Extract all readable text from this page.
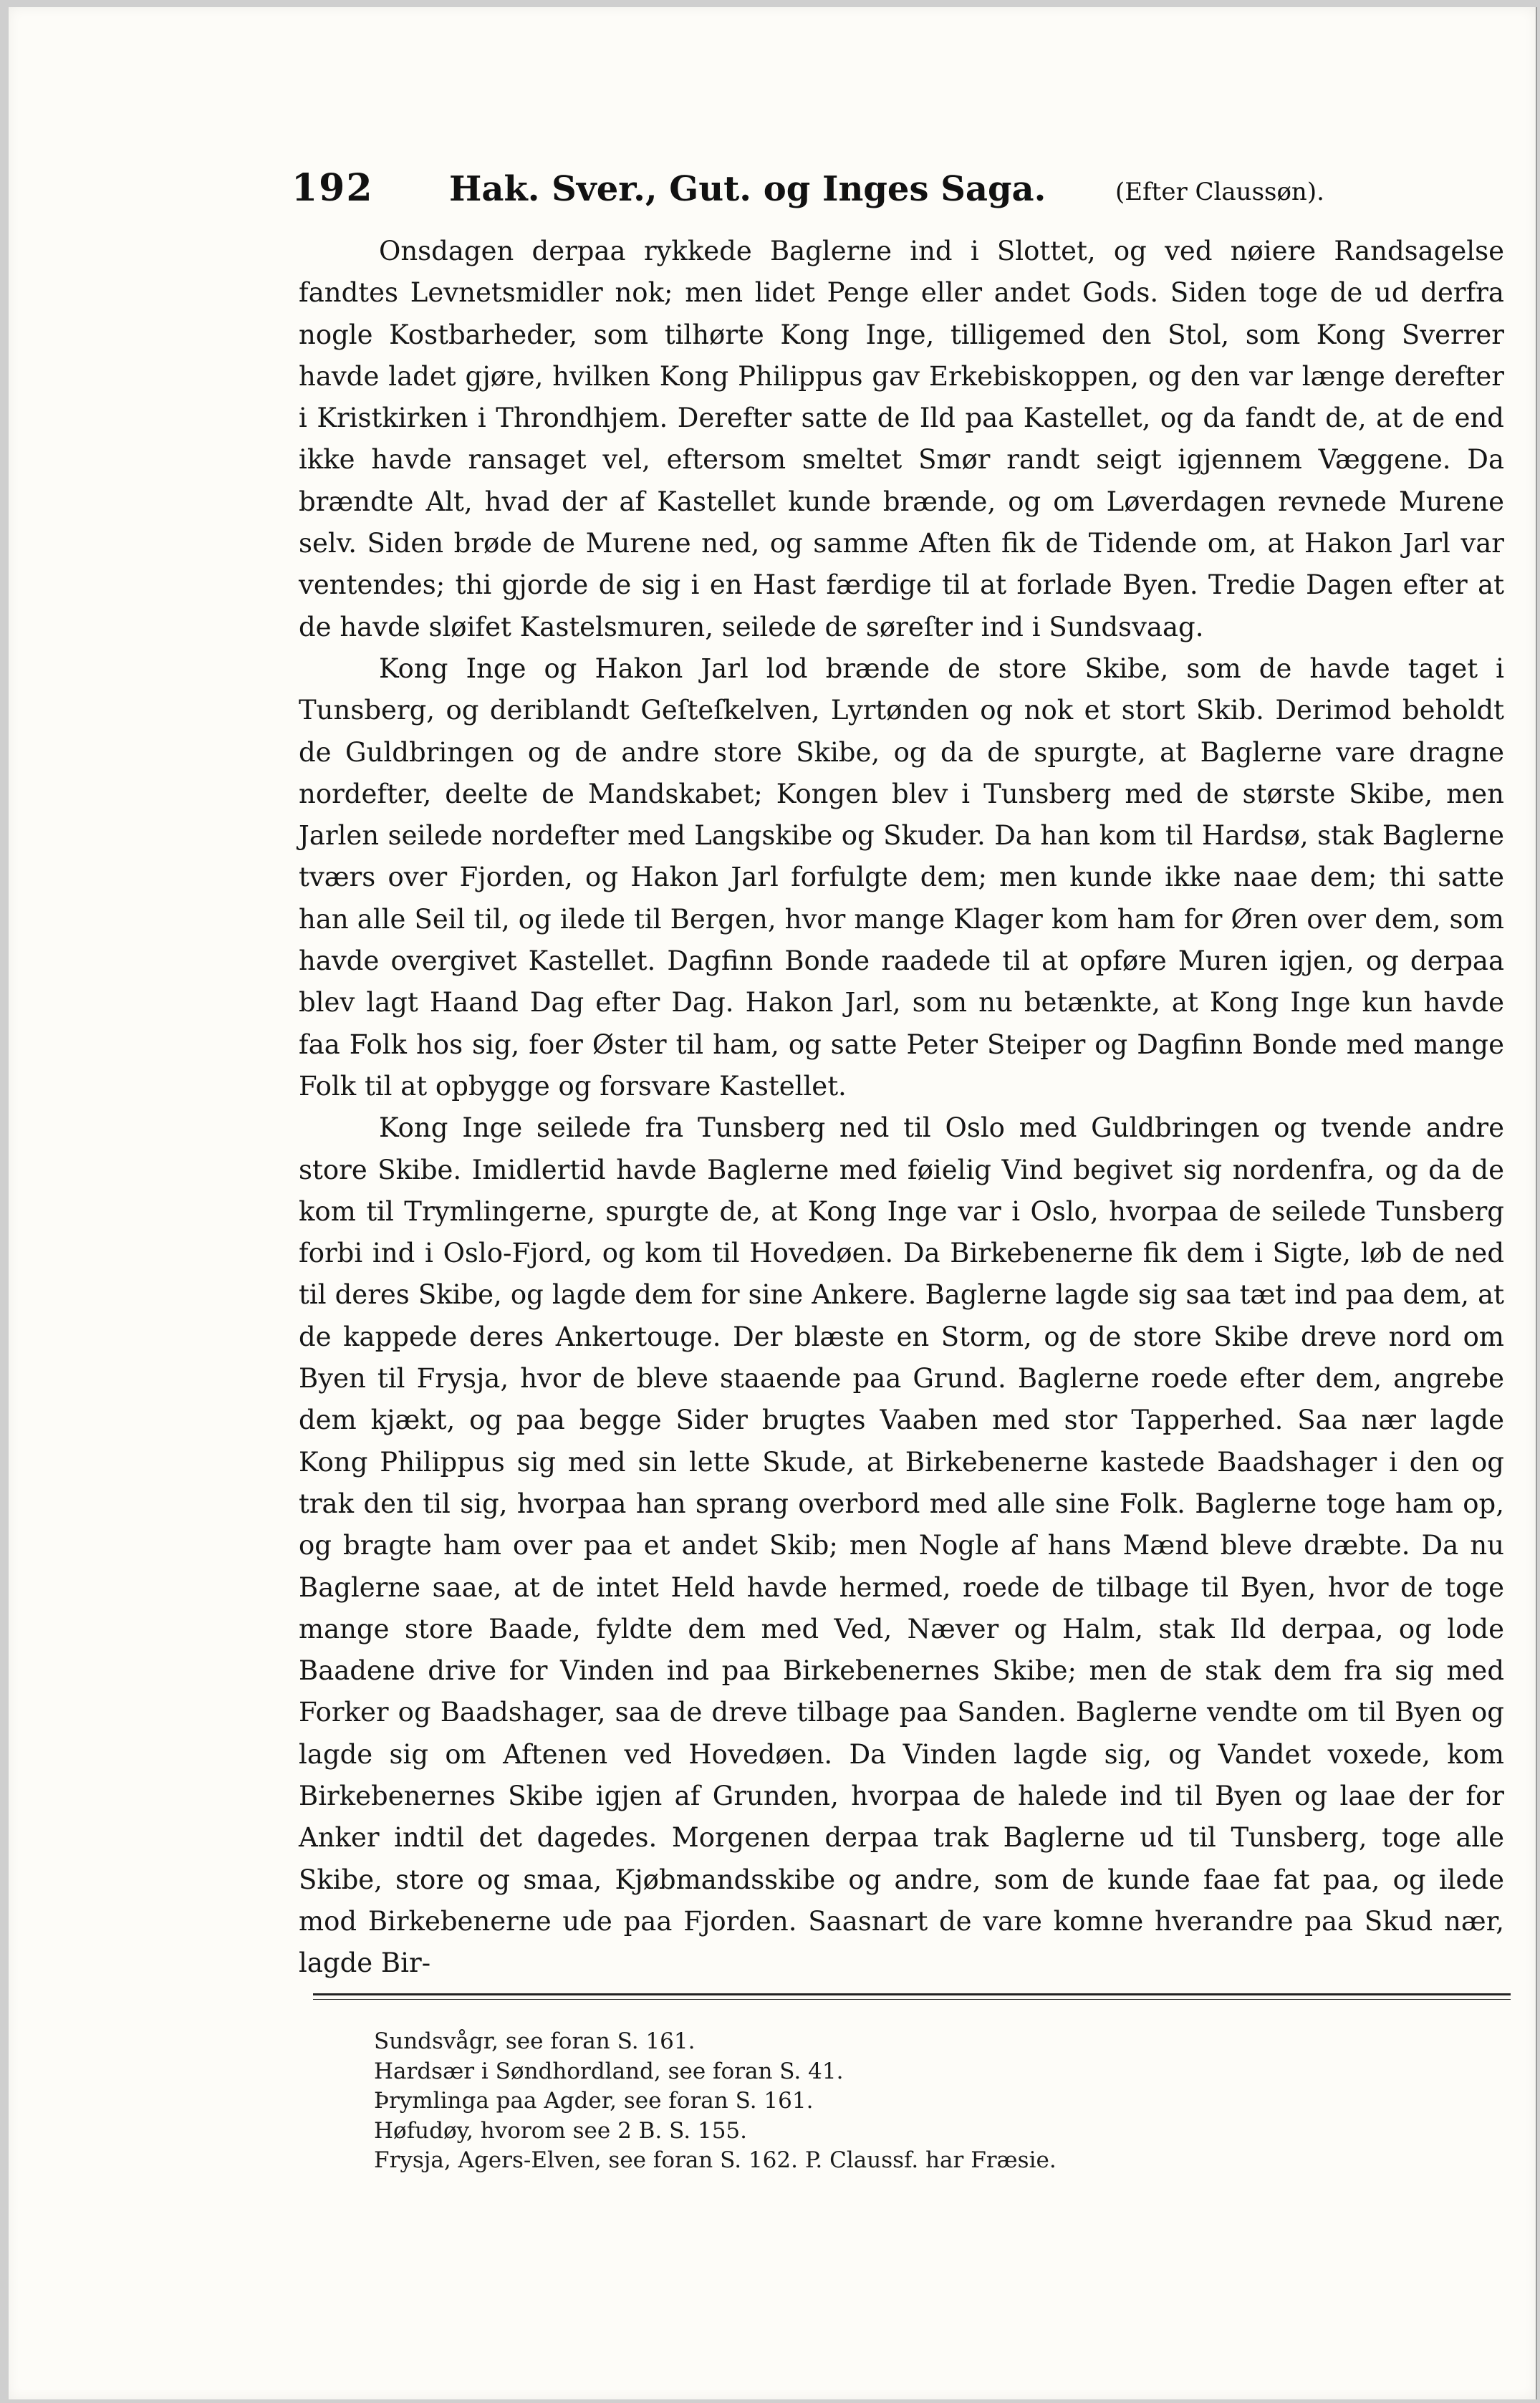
192 Hak. Sver., Gut. og Inges Saga.	(Efter Claussøn).

Onsdagen derpaa rykkede Baglerne ind i Slottet, og ved nøiere Randsagelse fandtes Levnetsmidler nok; men lidet Penge eller andet Gods. Siden toge de ud derfra nogle Kostbarheder, som tilhørte Kong Inge, tilligemed den Stol, som Kong Sverrer havde ladet gjøre, hvilken Kong Philippus gav Erkebiskoppen, og den var længe derefter i Kristkirken i Throndhjem. Derefter satte de Ild paa Kastellet, og da fandt de, at de end ikke havde ransaget vel, eftersom smeltet Smør randt seigt igjennem Væggene. Da brændte Alt, hvad der af Kastellet kunde brænde, og om Løverdagen revnede Murene selv. Siden brøde de Murene ned, og samme Aften fik de Tidende om, at Hakon Jarl var ventendes; thi gjorde de sig i en Hast færdige til at forlade Byen. Tredie Dagen efter at de havde sløifet Kastelsmuren, seilede de søreſter ind i Sundsvaag.

Kong Inge og Hakon Jarl lod brænde de store Skibe, som de havde taget i Tunsberg, og deriblandt Geſteſkelven, Lyrtønden og nok et stort Skib. Derimod beholdt de Guldbringen og de andre store Skibe, og da de spurgte, at Baglerne vare dragne nordefter, deelte de Mandskabet; Kongen blev i Tunsberg med de største Skibe, men Jarlen seilede nordefter med Langskibe og Skuder. Da han kom til Hardsø, stak Baglerne tværs over Fjorden, og Hakon Jarl forfulgte dem; men kunde ikke naae dem; thi satte han alle Seil til, og ilede til Bergen, hvor mange Klager kom ham for Øren over dem, som havde overgivet Kastellet. Dagfinn Bonde raadede til at opføre Muren igjen, og derpaa blev lagt Haand Dag efter Dag. Hakon Jarl, som nu betænkte, at Kong Inge kun havde faa Folk hos sig, foer Øster til ham, og satte Peter Steiper og Dagfinn Bonde med mange Folk til at opbygge og forsvare Kastellet.

Kong Inge seilede fra Tunsberg ned til Oslo med Guldbringen og tvende andre store Skibe. Imidlertid havde Baglerne med føielig Vind begivet sig nordenfra, og da de kom til Trymlingerne, spurgte de, at Kong Inge var i Oslo, hvorpaa de seilede Tunsberg forbi ind i Oslo-Fjord, og kom til Hovedøen. Da Birkebenerne fik dem i Sigte, løb de ned til deres Skibe, og lagde dem for sine Ankere. Baglerne lagde sig saa tæt ind paa dem, at de kappede deres Ankertouge. Der blæste en Storm, og de store Skibe dreve nord om Byen til Frysja, hvor de bleve staaende paa Grund. Baglerne roede efter dem, angrebe dem kjækt, og paa begge Sider brugtes Vaaben med stor Tapperhed. Saa nær lagde Kong Philippus sig med sin lette Skude, at Birkebenerne kastede Baadshager i den og trak den til sig, hvorpaa han sprang overbord med alle sine Folk. Baglerne toge ham op, og bragte ham over paa et andet Skib; men Nogle af hans Mænd bleve dræbte. Da nu Baglerne saae, at de intet Held havde hermed, roede de tilbage til Byen, hvor de toge mange store Baade, fyldte dem med Ved, Næver og Halm, stak Ild derpaa, og lode Baadene drive for Vinden ind paa Birkebenernes Skibe; men de stak dem fra sig med Forker og Baadshager, saa de dreve tilbage paa Sanden. Baglerne vendte om til Byen og lagde sig om Aftenen ved Hovedøen. Da Vinden lagde sig, og Vandet voxede, kom Birkebenernes Skibe igjen af Grunden, hvorpaa de halede ind til Byen og laae der for Anker indtil det dagedes. Morgenen derpaa trak Baglerne ud til Tunsberg, toge alle Skibe, store og smaa, Kjøbmandsskibe og andre, som de kunde faae fat paa, og ilede mod Birkebenerne ude paa Fjorden. Saasnart de vare komne hverandre paa Skud nær, lagde Bir-

Sundsvågr, see foran S. 161.
Hardsær i Søndhordland, see foran S. 41.
Þrymlinga paa Agder, see foran S. 161.
Høfudøy, hvorom see 2 B. S. 155.
Frysja, Agers-Elven, see foran S. 162. P. Claussf. har Fræsie.
